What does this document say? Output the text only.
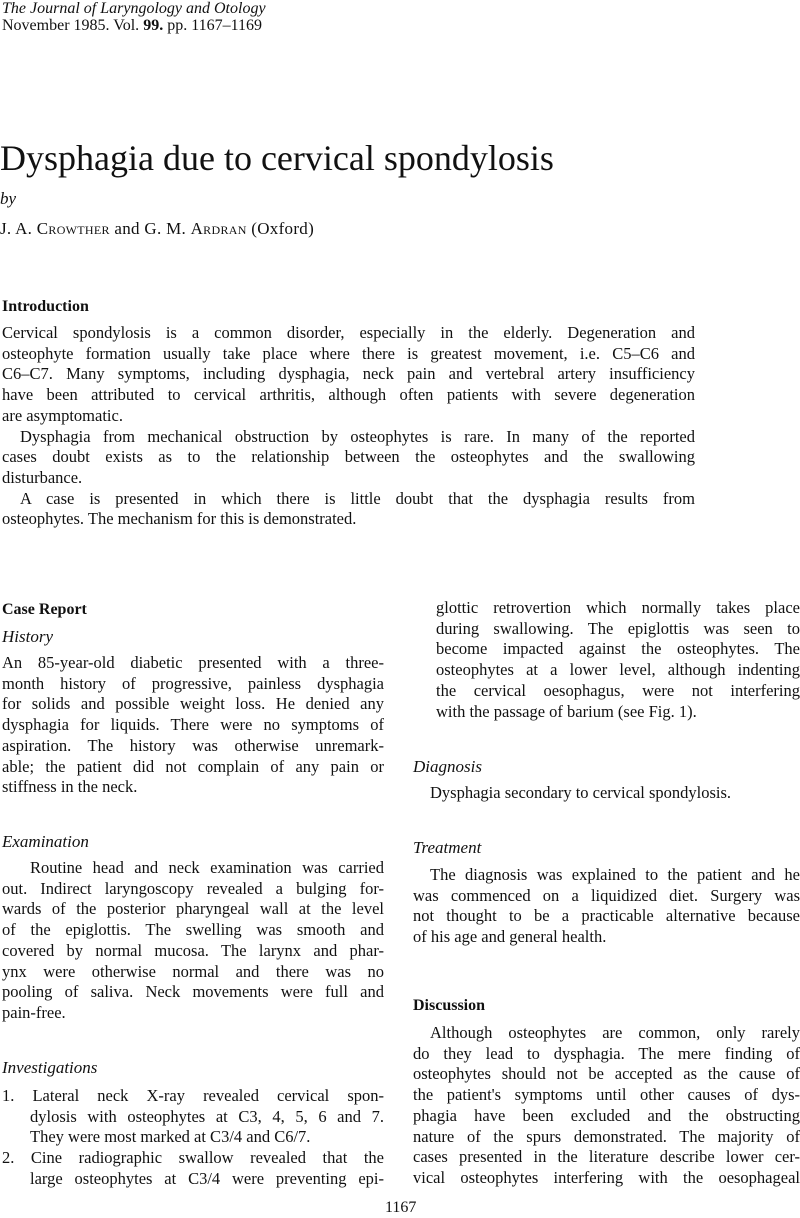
The Journal of Laryngology and Otology
November 1985. Vol. 99. pp. 1167–1169
Dysphagia due to cervical spondylosis
by
J. A. Crowther and G. M. Ardran (Oxford)
Introduction
Case Report
History
Examination
Investigations
Diagnosis
Treatment
Discussion
1167
Cervical spondylosis is a common disorder, especially in the elderly. Degeneration and
osteophyte formation usually take place where there is greatest movement, i.e. C5–C6 and
C6–C7. Many symptoms, including dysphagia, neck pain and vertebral artery insufficiency
have been attributed to cervical arthritis, although often patients with severe degeneration
are asymptomatic.
Dysphagia from mechanical obstruction by osteophytes is rare. In many of the reported
cases doubt exists as to the relationship between the osteophytes and the swallowing
disturbance.
A case is presented in which there is little doubt that the dysphagia results from
osteophytes. The mechanism for this is demonstrated.
An 85-year-old diabetic presented with a three-
month history of progressive, painless dysphagia
for solids and possible weight loss. He denied any
dysphagia for liquids. There were no symptoms of
aspiration. The history was otherwise unremark-
able; the patient did not complain of any pain or
stiffness in the neck.
Routine head and neck examination was carried
out. Indirect laryngoscopy revealed a bulging for-
wards of the posterior pharyngeal wall at the level
of the epiglottis. The swelling was smooth and
covered by normal mucosa. The larynx and phar-
ynx were otherwise normal and there was no
pooling of saliva. Neck movements were full and
pain-free.
1. Lateral neck X-ray revealed cervical spon-
dylosis with osteophytes at C3, 4, 5, 6 and 7.
They were most marked at C3/4 and C6/7.
2. Cine radiographic swallow revealed that the
large osteophytes at C3/4 were preventing epi-
glottic retrovertion which normally takes place
during swallowing. The epiglottis was seen to
become impacted against the osteophytes. The
osteophytes at a lower level, although indenting
the cervical oesophagus, were not interfering
with the passage of barium (see Fig. 1).
Dysphagia secondary to cervical spondylosis.
The diagnosis was explained to the patient and he
was commenced on a liquidized diet. Surgery was
not thought to be a practicable alternative because
of his age and general health.
Although osteophytes are common, only rarely
do they lead to dysphagia. The mere finding of
osteophytes should not be accepted as the cause of
the patient's symptoms until other causes of dys-
phagia have been excluded and the obstructing
nature of the spurs demonstrated. The majority of
cases presented in the literature describe lower cer-
vical osteophytes interfering with the oesophageal
